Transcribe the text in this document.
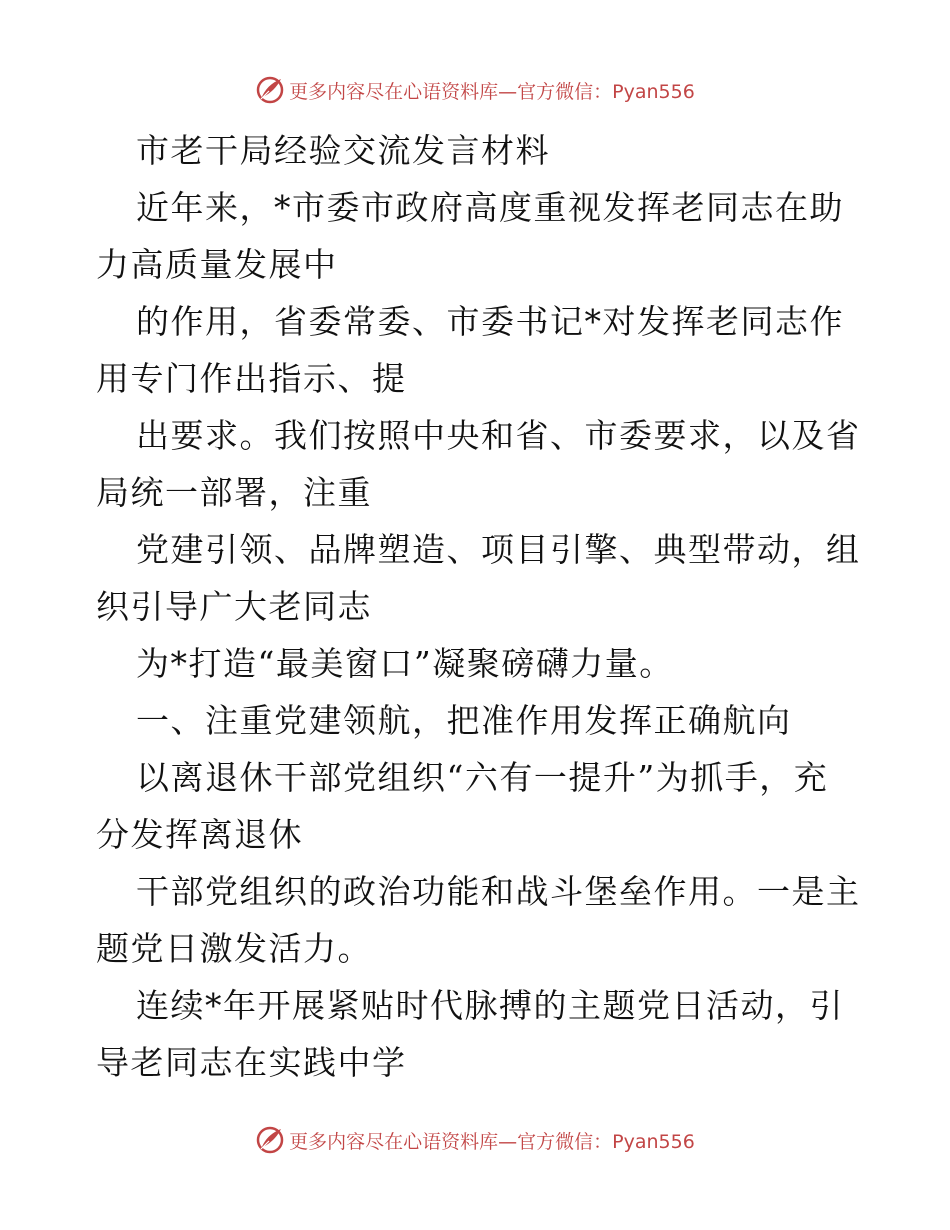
更多内容尽在心语资料库—官方微信：Pyan556
市老干局经验交流发言材料
近年来，*市委市政府高度重视发挥老同志在助
力高质量发展中
的作用，省委常委、市委书记*对发挥老同志作
用专门作出指示、提
出要求。我们按照中央和省、市委要求，以及省
局统一部署，注重
党建引领、品牌塑造、项目引擎、典型带动，组
织引导广大老同志
为*打造“最美窗口”凝聚磅礴力量。
一、注重党建领航，把准作用发挥正确航向
以离退休干部党组织“六有一提升”为抓手，充
分发挥离退休
干部党组织的政治功能和战斗堡垒作用。一是主
题党日激发活力。
连续*年开展紧贴时代脉搏的主题党日活动，引
导老同志在实践中学
更多内容尽在心语资料库—官方微信：Pyan556
